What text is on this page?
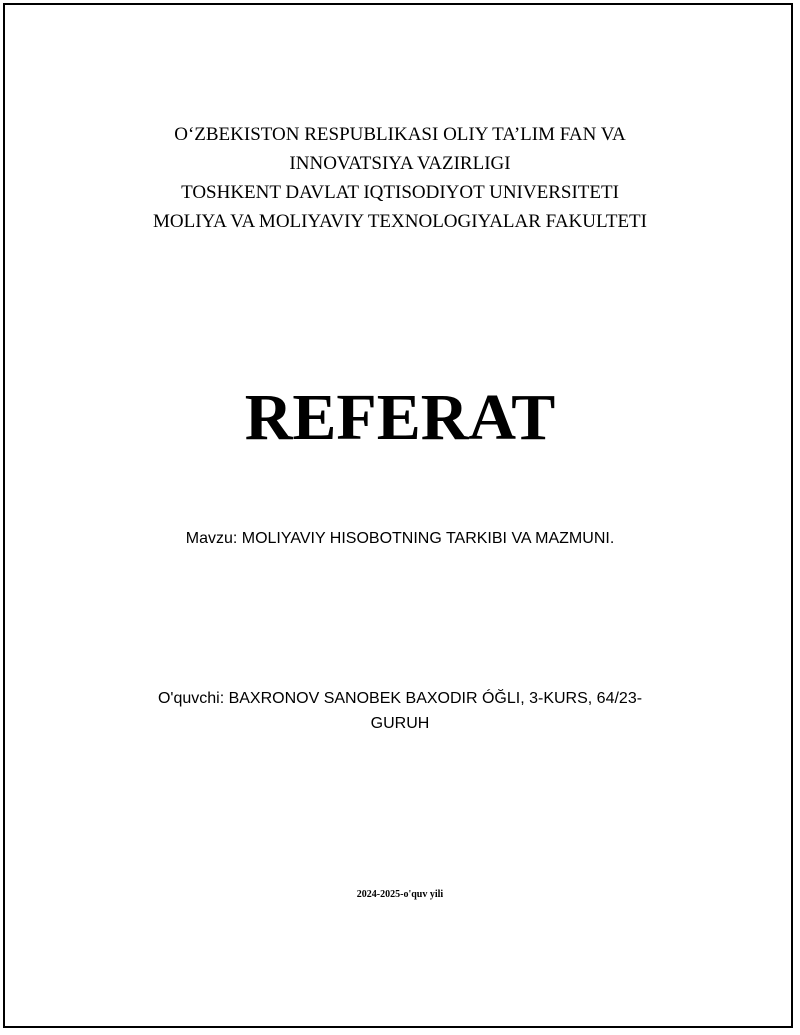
O‘ZBEKISTON RESPUBLIKASI OLIY TA’LIM FAN VA
INNOVATSIYA VAZIRLIGI
TOSHKENT DAVLAT IQTISODIYOT UNIVERSITETI
MOLIYA VA MOLIYAVIY TEXNOLOGIYALAR FAKULTETI
REFERAT
Mavzu: MOLIYAVIY HISOBOTNING TARKIBI VA MAZMUNI.
O'quvchi: BAXRONOV SANOBEK BAXODIR ÓĞLI, 3-KURS, 64/23-
GURUH
2024-2025-o'quv yili
